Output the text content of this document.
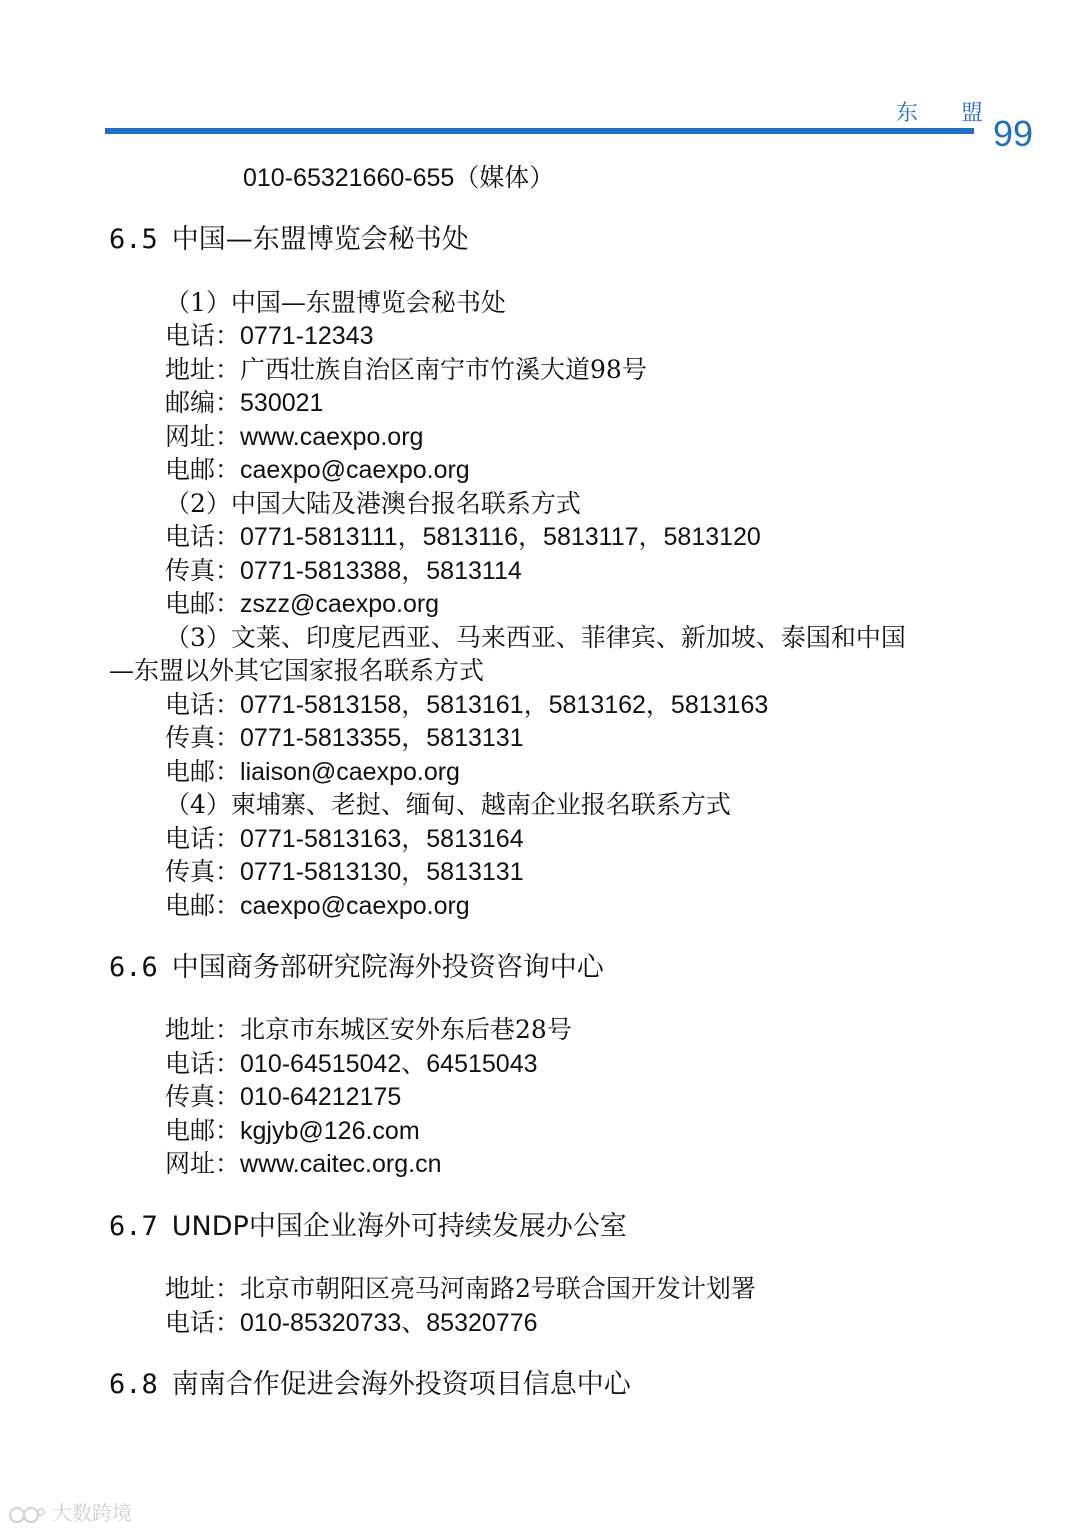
东 盟
99
010-65321660-655（媒体）
6.5 中国—东盟博览会秘书处
（1）中国—东盟博览会秘书处
电话：0771-12343
地址：广西壮族自治区南宁市竹溪大道98号
邮编：530021
网址：www.caexpo.org
电邮：caexpo@caexpo.org
（2）中国大陆及港澳台报名联系方式
电话：0771-5813111，5813116，5813117，5813120
传真：0771-5813388，5813114
电邮：zszz@caexpo.org
（3）文莱、印度尼西亚、马来西亚、菲律宾、新加坡、泰国和中国
—东盟以外其它国家报名联系方式
电话：0771-5813158，5813161，5813162，5813163
传真：0771-5813355，5813131
电邮：liaison@caexpo.org
（4）柬埔寨、老挝、缅甸、越南企业报名联系方式
电话：0771-5813163，5813164
传真：0771-5813130，5813131
电邮：caexpo@caexpo.org
6.6 中国商务部研究院海外投资咨询中心
地址：北京市东城区安外东后巷28号
电话：010-64515042、64515043
传真：010-64212175
电邮：kgjyb@126.com
网址：www.caitec.org.cn
6.7 UNDP中国企业海外可持续发展办公室
地址：北京市朝阳区亮马河南路2号联合国开发计划署
电话：010-85320733、85320776
6.8 南南合作促进会海外投资项目信息中心
大数跨境
